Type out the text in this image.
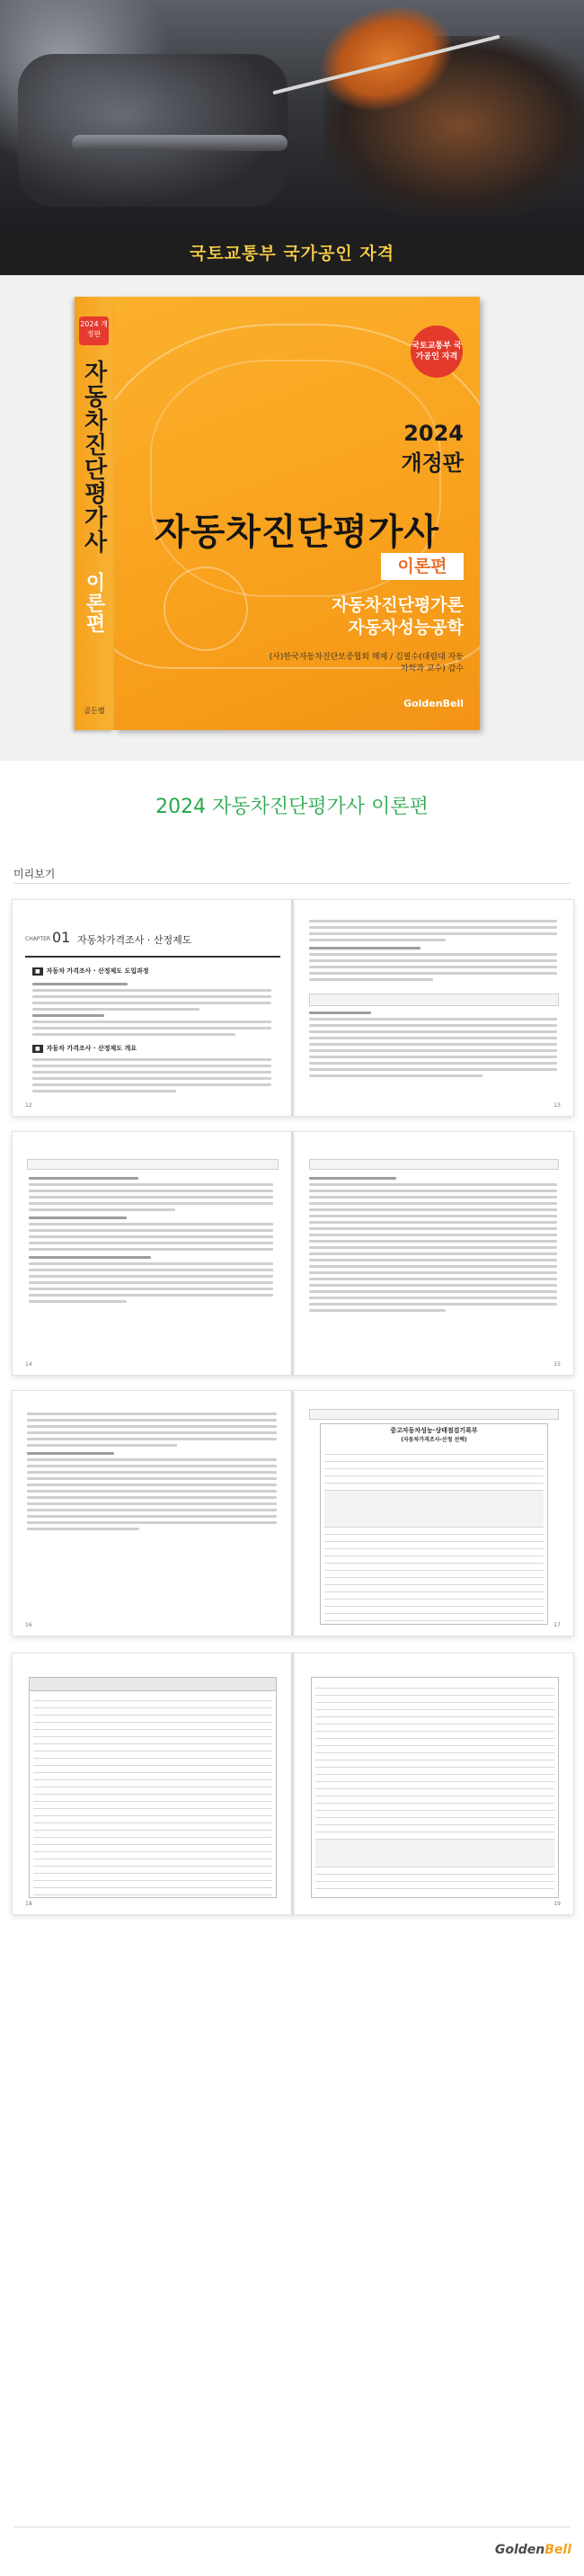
국토교통부 국가공인 자격
2024 개정판
자동차진단평가사 이론편
골든벨
국토교통부 국가공인 자격
2024
개정판
자동차진단평가사
이론편
자동차진단평가론
자동차성능공학
(사)한국자동차진단보증협회 해제 / 김필수(대림대 자동차학과 교수) 감수
GoldenBell
2024 자동차진단평가사 이론편
미리보기
CHAPTER 01 자동차가격조사 · 산정제도
■ 자동차 가격조사 · 산정제도 도입과정
■ 자동차 가격조사 · 산정제도 개요
12	13
14	15
16
중고자동차성능·상태점검기록부
(자동차가격조사·산정 선택)
17
18	19
GoldenBell
